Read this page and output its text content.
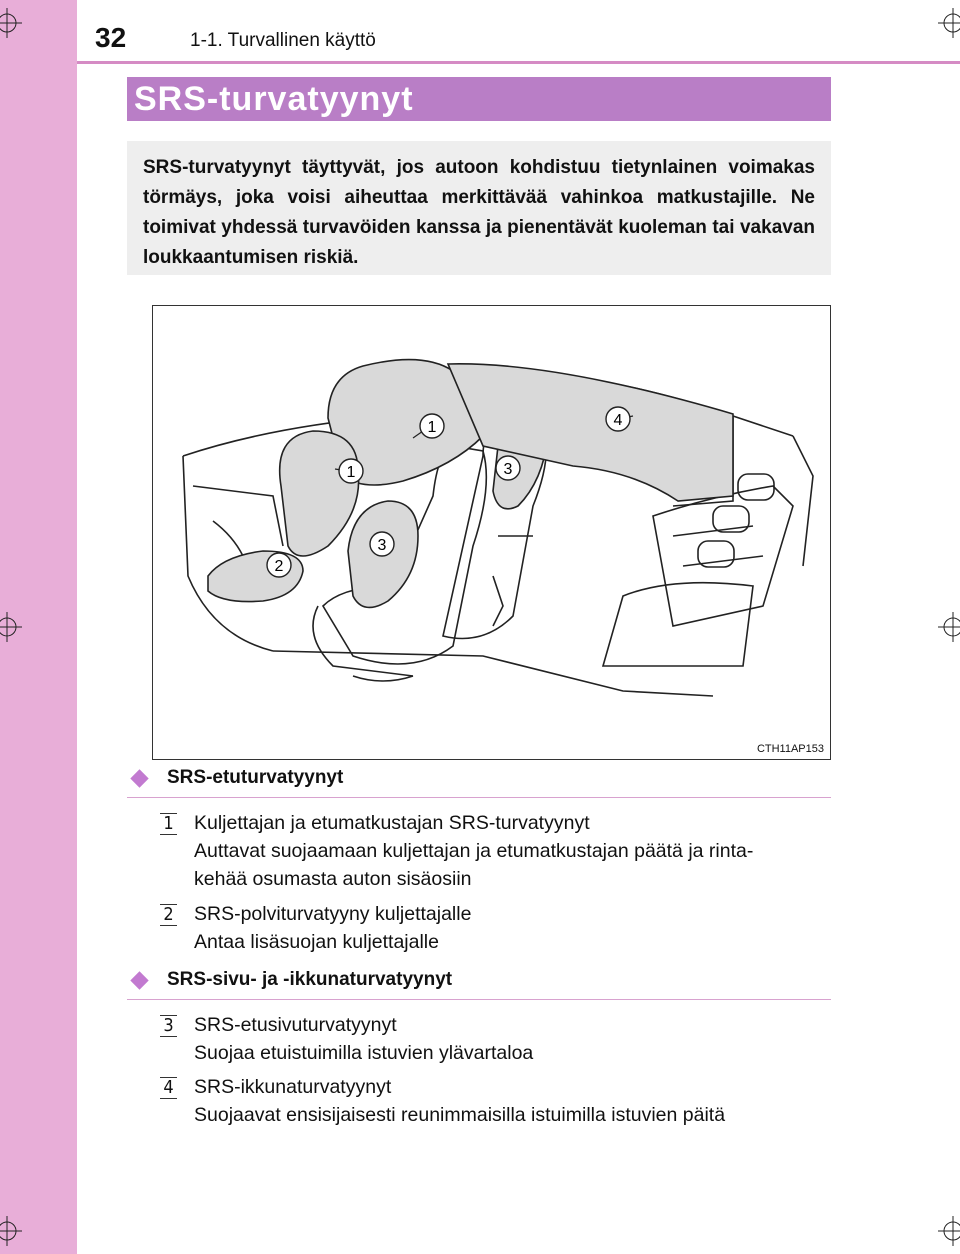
32	1-1. Turvallinen käyttö
SRS-turvatyynyt
SRS-turvatyynyt täyttyvät, jos autoon kohdistuu tietynlainen voimakas törmäys, joka voisi aiheuttaa merkittävää vahinkoa matkustajille. Ne toimivat yhdessä turvavöiden kanssa ja pienentävät kuoleman tai vakavan loukkaantumisen riskiä.
1
1
2
3
3
4
CTH11AP153
SRS-etuturvatyynyt
1 Kuljettajan ja etumatkustajan SRS-turvatyynyt
Auttavat suojaamaan kuljettajan ja etumatkustajan päätä ja rinta-
kehää osumasta auton sisäosiin
2 SRS-polviturvatyyny kuljettajalle
Antaa lisäsuojan kuljettajalle
SRS-sivu- ja -ikkunaturvatyynyt
3 SRS-etusivuturvatyynyt
Suojaa etuistuimilla istuvien ylävartaloa
4 SRS-ikkunaturvatyynyt
Suojaavat ensisijaisesti reunimmaisilla istuimilla istuvien päitä
